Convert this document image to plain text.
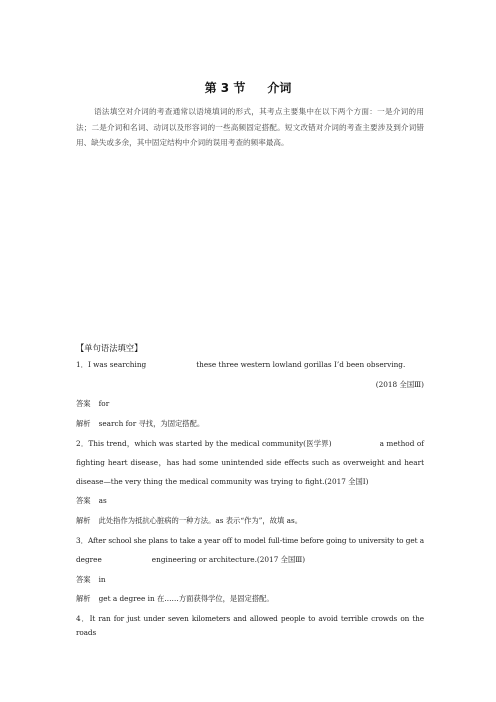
第 3 节 介词
语法填空对介词的考查通常以语境填词的形式，其考点主要集中在以下两个方面：一是介词的用法；二是介词和名词、动词以及形容词的一些高频固定搭配。短文改错对介词的考查主要涉及到介词错用、缺失或多余，其中固定结构中介词的误用考查的频率最高。
【单句语法填空】
1．I was searching	these three western lowland gorillas I’d been observing.
(2018 全国Ⅲ)
答案 for
解析 search for 寻找，为固定搭配。
2．This trend，which was started by the medical community(医学界)	a method of
fighting heart disease，has had some unintended side effects such as overweight and heart
disease—the very thing the medical community was trying to fight.(2017 全国Ⅰ)
答案 as
解析 此处指作为抵抗心脏病的一种方法。as 表示“作为”，故填 as。
3．After school she plans to take a year off to model full-time before going to university to get a
degree	engineering or architecture.(2017 全国Ⅲ)
答案 in
解析 get a degree in 在……方面获得学位，是固定搭配。
4．It ran for just under seven kilometers and allowed people to avoid terrible crowds on the roads
